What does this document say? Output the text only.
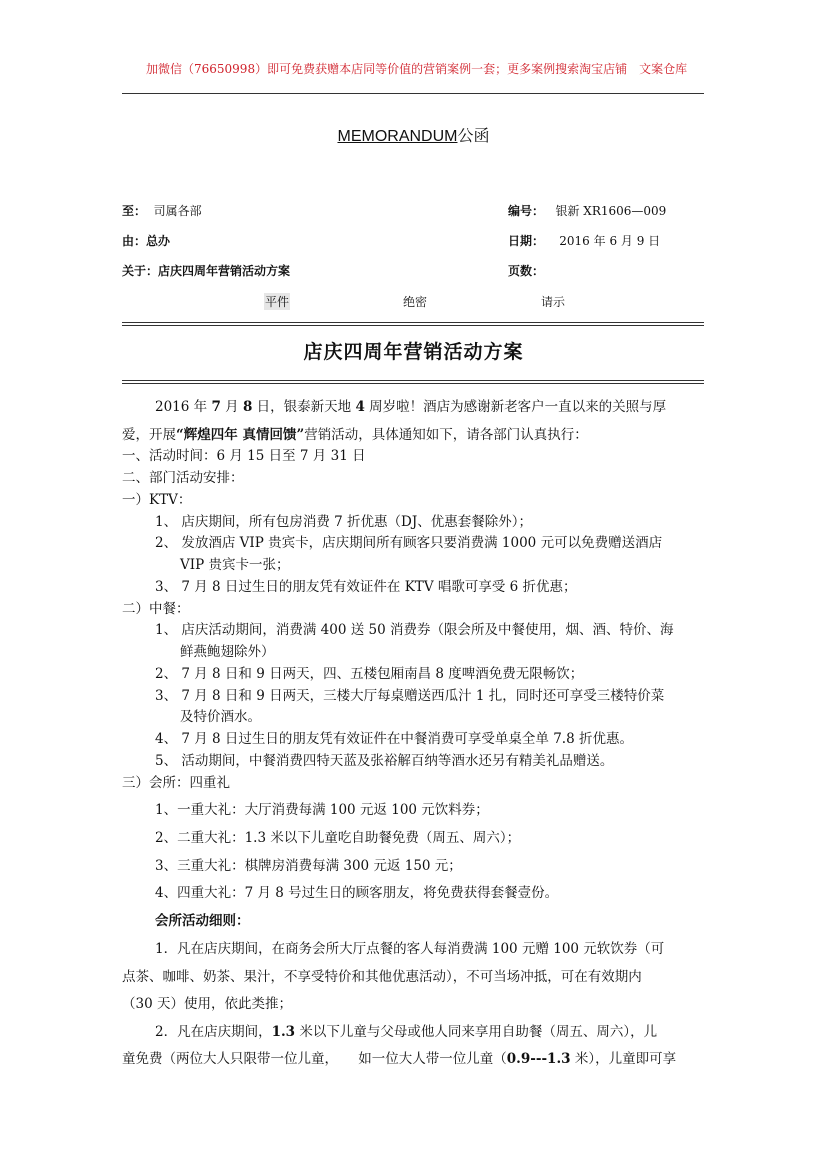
加微信（76650998）即可免费获赠本店同等价值的营销案例一套；更多案例搜索淘宝店铺　文案仓库
MEMORANDUM公函
至： 司属各部	编号： 银新 XR1606—009
由：总办	日期： 2016 年 6 月 9 日
关于：店庆四周年营销活动方案	页数：
平件	绝密	请示
店庆四周年营销活动方案
2016 年 7 月 8 日，银泰新天地 4 周岁啦！酒店为感谢新老客户一直以来的关照与厚
爱，开展“辉煌四年 真情回馈”营销活动，具体通知如下，请各部门认真执行：
一、活动时间：6 月 15 日至 7 月 31 日
二、部门活动安排：
一）KTV：
1、 店庆期间，所有包房消费 7 折优惠（DJ、优惠套餐除外）；
2、 发放酒店 VIP 贵宾卡，店庆期间所有顾客只要消费满 1000 元可以免费赠送酒店
VIP 贵宾卡一张；
3、 7 月 8 日过生日的朋友凭有效证件在 KTV 唱歌可享受 6 折优惠；
二）中餐：
1、 店庆活动期间，消费满 400 送 50 消费券（限会所及中餐使用，烟、酒、特价、海
鲜燕鲍翅除外）
2、 7 月 8 日和 9 日两天，四、五楼包厢南昌 8 度啤酒免费无限畅饮；
3、 7 月 8 日和 9 日两天，三楼大厅每桌赠送西瓜汁 1 扎，同时还可享受三楼特价菜
及特价酒水。
4、 7 月 8 日过生日的朋友凭有效证件在中餐消费可享受单桌全单 7.8 折优惠。
5、 活动期间，中餐消费四特天蓝及张裕解百纳等酒水还另有精美礼品赠送。
三）会所：四重礼
1、一重大礼：大厅消费每满 100 元返 100 元饮料券；
2、二重大礼：1.3 米以下儿童吃自助餐免费（周五、周六）；
3、三重大礼：棋牌房消费每满 300 元返 150 元；
4、四重大礼：7 月 8 号过生日的顾客朋友，将免费获得套餐壹份。
会所活动细则：
1．凡在店庆期间，在商务会所大厅点餐的客人每消费满 100 元赠 100 元软饮券（可
点茶、咖啡、奶茶、果汁，不享受特价和其他优惠活动），不可当场冲抵，可在有效期内
（30 天）使用，依此类推；
2．凡在店庆期间，1.3 米以下儿童与父母或他人同来享用自助餐（周五、周六），儿
童免费（两位大人只限带一位儿童，　　如一位大人带一位儿童（0.9---1.3 米），儿童即可享
